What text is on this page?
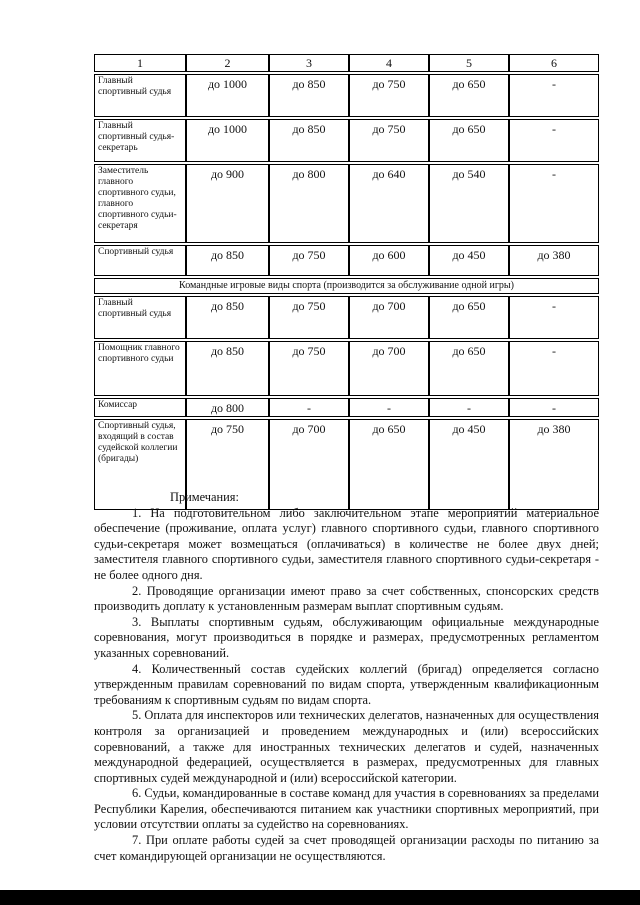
1	2	3	4	5	6

Главный спортивный судья	до 1000	до 850	до 750	до 650	-

Главный спортивный судья-секретарь	до 1000	до 850	до 750	до 650	-

Заместитель главного спортивного судьи, главного спортивного судьи-секретаря	до 900	до 800	до 640	до 540	-

Спортивный судья	до 850	до 750	до 600	до 450	до 380

Командные игровые виды спорта (производится за обслуживание одной игры)					

Главный спортивный судья	до 850	до 750	до 700	до 650	-

Помощник главного спортивного судьи	до 850	до 750	до 700	до 650	-

Комиссар	до 800	-	-	-	-

Спортивный судья, входящий в состав судейской коллегии (бригады)	до 750	до 700	до 650	до 450	до 380

Примечания:

1. На подготовительном либо заключительном этапе мероприятий материальное обеспечение (проживание, оплата услуг) главного спортивного судьи, главного спортивного судьи-секретаря может возмещаться (оплачиваться) в количестве не более двух дней; заместителя главного спортивного судьи, заместителя главного спортивного судьи-секретаря - не более одного дня.

2. Проводящие организации имеют право за счет собственных, спонсорских средств производить доплату к установленным размерам выплат спортивным судьям.

3. Выплаты спортивным судьям, обслуживающим официальные международные соревнования, могут производиться в порядке и размерах, предусмотренных регламентом указанных соревнований.

4. Количественный состав судейских коллегий (бригад) определяется согласно утвержденным правилам соревнований по видам спорта, утвержденным квалификационным требованиям к спортивным судьям по видам спорта.

5. Оплата для инспекторов или технических делегатов, назначенных для осуществления контроля за организацией и проведением международных и (или) всероссийских соревнований, а также для иностранных технических делегатов и судей, назначенных международной федерацией, осуществляется в размерах, предусмотренных для главных спортивных судей международной и (или) всероссийской категории.

6. Судьи, командированные в составе команд для участия в соревнованиях за пределами Республики Карелия, обеспечиваются питанием как участники спортивных мероприятий, при условии отсутствии оплаты за судейство на соревнованиях.

7. При оплате работы судей за счет проводящей организации расходы по питанию за счет командирующей организации не осуществляются.
